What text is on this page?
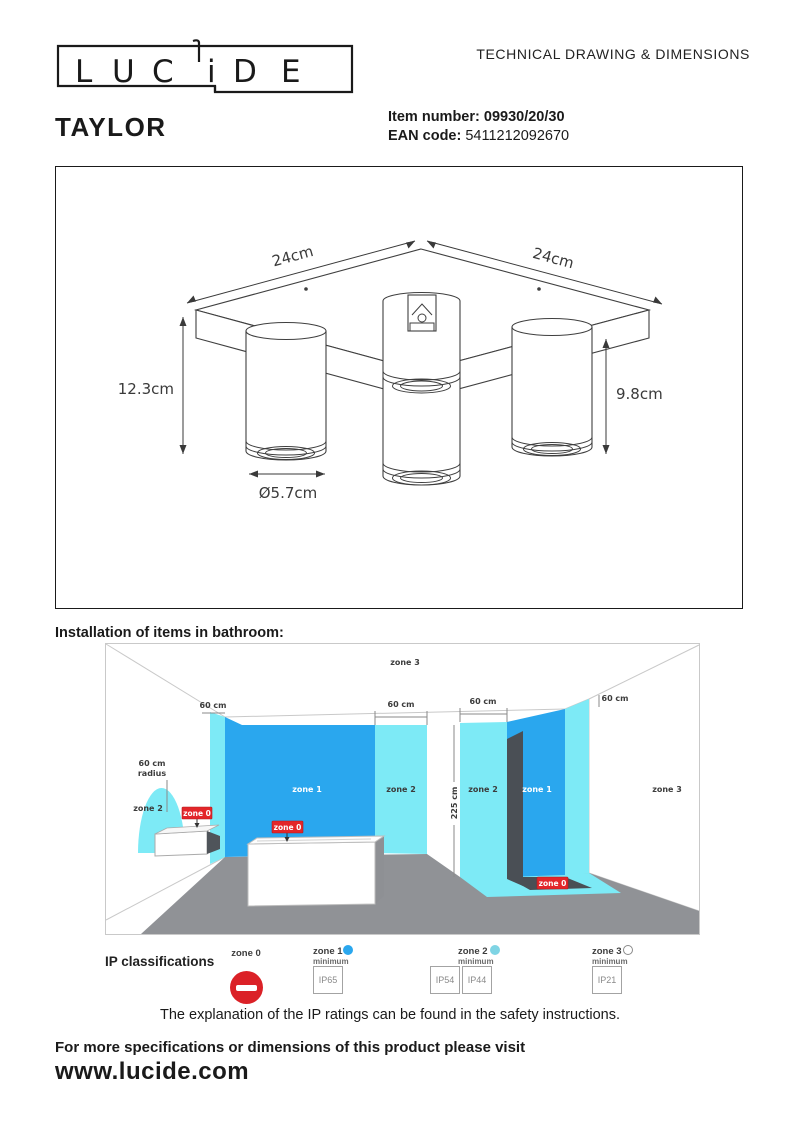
L U C i D E	TECHNICAL DRAWING & DIMENSIONS
TAYLOR	Item number: 09930/20/30
EAN code: 5411212092670
24cm	24cm
12.3cm	9.8cm
Ø5.7cm
Installation of items in bathroom:
225 cm
60 cm	60 cm	60 cm	60 cm
60 cm
radius
zone 3
zone 2
zone 1	zone 2	zone 2	zone 1	zone 3
zone 0
zone 0
zone 0
IP classifications
zone 0	zone 1
minimum
IP65
zone 2
minimum
IP54	IP44
zone 3
minimum
IP21
The explanation of the IP ratings can be found in the safety instructions.
For more specifications or dimensions of this product please visit
www.lucide.com
